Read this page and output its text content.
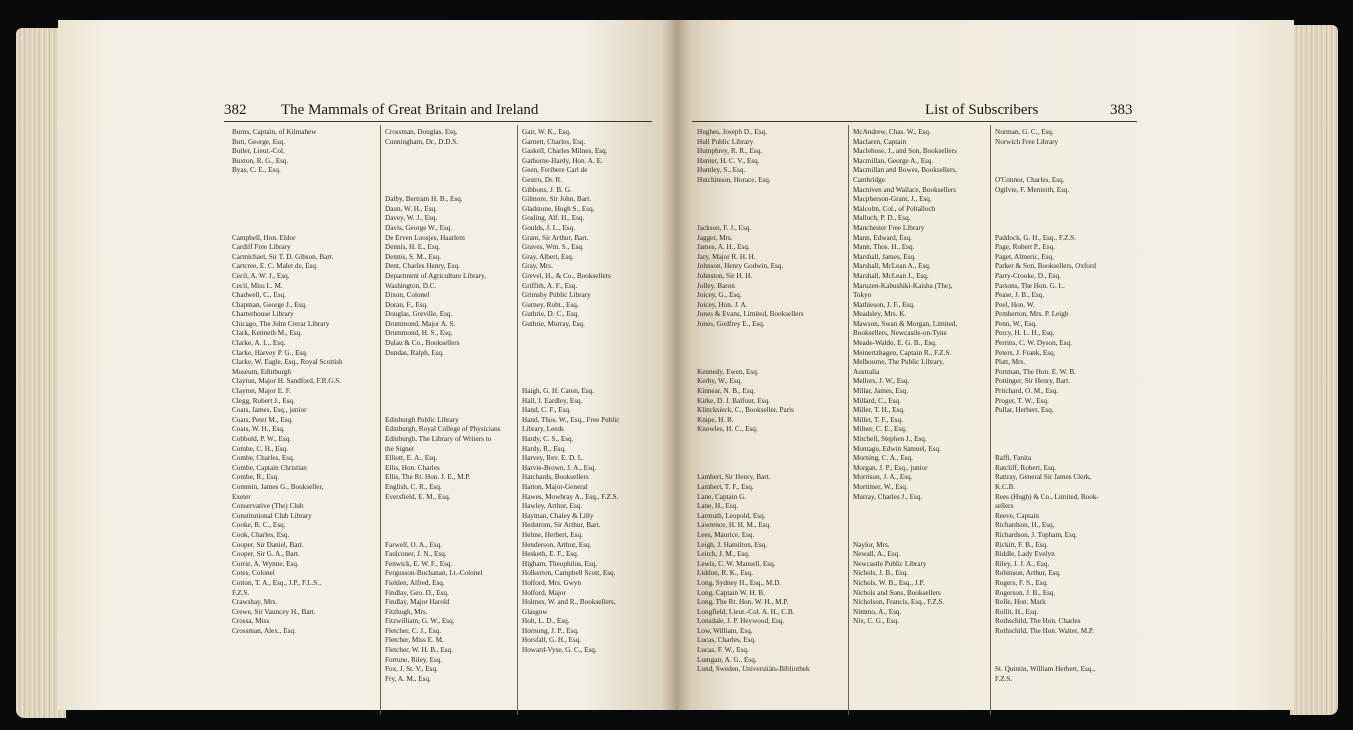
382 The Mammals of Great Britain and Ireland	List of Subscribers	383
Burns, Captain, of Kilmahew
Butt, George, Esq.
Butler, Lieut.-Col.
Buxton, R. G., Esq.
Byas, C. E., Esq.
Campbell, Hon. Eldor
Cardiff Free Library
Carmichael, Sir T. D. Gibson, Bart.
Cartcree, E. C. Malet de, Esq.
Cecil, A. W. J., Esq.
Cecil, Miss L. M.
Chadwell, C., Esq.
Chapman, George J., Esq.
Charterhouse Library
Chicago, The John Crerar Library
Clark, Kenneth M., Esq.
Clarke, A. L., Esq.
Clarke, Harvey P. G., Esq.
Clarke, W. Eagle, Esq., Royal Scottish
Museum, Edinburgh
Clayton, Major H. Sandford, F.R.G.S.
Clayton, Major E. F.
Clegg, Robert J., Esq.
Coats, James, Esq., junior
Coats, Peter M., Esq.
Coats, W. H., Esq.
Cobbold, P. W., Esq.
Combe, C. H., Esq.
Combe, Charles, Esq.
Combe, Captain Christian
Combe, R., Esq.
Commin, James G., Bookseller,
Exeter
Conservative (The) Club
Constitutional Club Library
Cooke, R. C., Esq.
Cook, Charles, Esq.
Cooper, Sir Daniel, Bart.
Cooper, Sir G. A., Bart.
Corrie, A. Wynne, Esq.
Cotes, Colonel
Cotton, T. A., Esq., J.P., F.L.S.,
F.Z.S.
Crawshay, Mrs.
Crewe, Sir Vauncey H., Bart.
Crossa, Miss
Crossman, Alex., Esq.
Crossman, Douglas, Esq.
Cunningham, Dr., D.D.S.
Dalby, Bertram H. B., Esq.
Daun, W. H., Esq.
Davey, W. J., Esq.
Davis, George W., Esq.
De Erven Loosjes, Haarlem
Dennis, H. E., Esq.
Dennis, S. M., Esq.
Dent, Charles Henry, Esq.
Department of Agriculture Library,
Washington, D.C.
Dixon, Colonel
Doran, F., Esq.
Douglas, Greville, Esq.
Drummond, Major A. S.
Drummond, H. S., Esq.
Dulau & Co., Booksellers
Dundas, Ralph, Esq.
Edinburgh Public Library
Edinburgh, Royal College of Physicians
Edinburgh, The Library of Writers to
the Signet
Elliott, E. A., Esq.
Ellis, Hon. Charles
Ellis, The Rt. Hon. J. E., M.P.
English, C. R., Esq.
Eversfield, E. M., Esq.
Farwell, O. A., Esq.
Faulconer, J. N., Esq.
Fenwick, E. W. F., Esq.
Fergusson-Buchanan, Lt.-Colonel
Fielden, Alfred, Esq.
Findlay, Geo. D., Esq.
Findlay, Major Harold
Fitzhugh, Mrs.
Fitzwilliam, G. W., Esq.
Fletcher, C. J., Esq.
Fletcher, Miss E. M.
Fletcher, W. H. B., Esq.
Fortune, Riley, Esq.
Fox, J. St. V., Esq.
Fry, A. M., Esq.
Gair, W. K., Esq.
Garnett, Charles, Esq.
Gaskell, Charles Milnes, Esq.
Gathorne-Hardy, Hon. A. E.
Geen, Feribere Carl de
Gestro, Dr. R.
Gibbons, J. B. G.
Gilmore, Sir John, Bart.
Gladstone, Hugh S., Esq.
Gosling, Alf. H., Esq.
Goulds, J. L., Esq.
Grant, Sir Arthur, Bart.
Graves, Wm. S., Esq.
Gray, Albert, Esq.
Gray, Mrs.
Grevel, H., & Co., Booksellers
Griffith, A. F., Esq.
Grimsby Public Library
Gurney, Robt., Esq.
Guthrie, D. C., Esq.
Guthrie, Murray, Esq.
Haigh, G. H. Caton, Esq.
Hall, J. Eardley, Esq.
Hand, C. F., Esq.
Hand, Thos. W., Esq., Free Public
Library, Leeds
Hardy, C. S., Esq.
Hardy, R., Esq.
Harvey, Rev. E. D. L.
Harvie-Brown, J. A., Esq.
Hatchards, Booksellers
Hatton, Major-General
Hawes, Mowbray A., Esq., F.Z.S.
Hawley, Arthur, Esq.
Hayman, Chaley & Lilly
Hedstrom, Sir Arthur, Bart.
Helme, Herbert, Esq.
Henderson, Arthur, Esq.
Hesketh, E. F., Esq.
Higham, Theophilus, Esq.
Holkerton, Campbell Scott, Esq.
Holford, Mrs. Gwyn
Holford, Major
Holmes, W. and R., Booksellers,
Glasgow
Holt, L. D., Esq.
Hornung, J. P., Esq.
Horsfall, G. H., Esq.
Howard-Vyse, G. C., Esq.
Hughes, Joseph D., Esq.
Hull Public Library
Humphrey, R. R., Esq.
Hunter, H. C. V., Esq.
Huntley, S., Esq.
Hutchinson, Horace, Esq.
Jackson, F. J., Esq.
Jagger, Mrs.
James, A. H., Esq.
Jary, Major R. H. H.
Johnson, Henry Godwin, Esq.
Johnston, Sir H. H.
Jolley, Baron
Joicey, G., Esq.
Joicey, Hon. J. A.
Jones & Evans, Limited, Booksellers
Jones, Godfrey E., Esq.
Kennedy, Ewen, Esq.
Kerby, W., Esq.
Kinnear, N. B., Esq.
Kirke, D. J. Balfour, Esq.
Klincksieck, C., Bookseller, Paris
Knipe, H. R.
Knowles, H. C., Esq.
Lambert, Sir Henry, Bart.
Lambert, T. F., Esq.
Lane, Captain G.
Lane, H., Esq.
Larmuth, Leopold, Esq.
Lawrence, H. H. M., Esq.
Lees, Maurice, Esq.
Leigh, J. Hamilton, Esq.
Leitch, J. M., Esq.
Lewis, C. W. Mansell, Esq.
Liddon, R. K., Esq.
Long, Sydney H., Esq., M.D.
Long, Captain W. H. B.
Long, The Rt. Hon. W. H., M.P.
Longfield, Lieut.-Col. A. H., C.B.
Lonsdale, J. P. Heywood, Esq.
Low, William, Esq.
Lucas, Charles, Esq.
Lucas, F. W., Esq.
Lumgair, A. G., Esq.
Lund, Sweden, Universitäts-Bibliothek
McAndrew, Chas. W., Esq.
Maclaren, Captain
Maclehose, J., and Son, Booksellers
Macmillan, George A., Esq.
Macmillan and Bowes, Booksellers,
Cambridge
Macniven and Wallace, Booksellers
Macpherson-Grant, J., Esq.
Malcolm, Col., of Poltalloch
Malloch, P. D., Esq.
Manchester Free Library
Mann, Edward, Esq.
Mann, Thos. H., Esq.
Marshall, James, Esq.
Marshall, McLean A., Esq.
Marshall, McLean J., Esq.
Maruzen-Kabushiki-Kaisha (The),
Tokyo
Mathieson, J. F., Esq.
Meadsley, Mrs. K.
Mawson, Swan & Morgan, Limited,
Booksellers, Newcastle-on-Tyne
Meade-Waldo, E. G. B., Esq.
Meinertzhagen, Captain R., F.Z.S.
Melbourne, The Public Library,
Australia
Mellors, J. W., Esq.
Millar, James, Esq.
Millard, C., Esq.
Miller, T. H., Esq.
Millet, T. F., Esq.
Milner, C. E., Esq.
Mitchell, Stephen J., Esq.
Montagu, Edwin Samuel, Esq.
Morning, C. A., Esq.
Morgan, J. P., Esq., junior
Morrison, J. A., Esq.
Mortimer, W., Esq.
Murray, Charles J., Esq.
Naylor, Mrs.
Newall, A., Esq.
Newcastle Public Library
Nichols, J. B., Esq.
Nichols, W. B., Esq., J.P.
Nichols and Sons, Booksellers
Nicholson, Francis, Esq., F.Z.S.
Nimmo, A., Esq.
Nix, C. G., Esq.
Norman, G. C., Esq.
Norwich Free Library
O'Connor, Charles, Esq.
Ogilvie, F. Menteith, Esq.
Paddock, G. H., Esq., F.Z.S.
Page, Robert P., Esq.
Paget, Almeric, Esq.
Parker & Son, Booksellers, Oxford
Parry-Crooke, D., Esq.
Parsons, The Hon. G. L.
Pease, J. B., Esq.
Peel, Hon. W.
Pemberton, Mrs. P. Leigh
Penn, W., Esq.
Percy, H. L. H., Esq.
Perrins, C. W. Dyson, Esq.
Peters, J. Frank, Esq.
Platt, Mrs.
Portman, The Hon. E. W. B.
Pottinger, Sir Henry, Bart.
Pritchard, O. M., Esq.
Proger, T. W., Esq.
Pullar, Herbert, Esq.
Raffi, Fanita
Ratcliff, Robert, Esq.
Rattray, General Sir James Clerk,
K.C.B.
Rees (Hugh) & Co., Limited, Book-
sellers
Reeve, Captain
Richardson, H., Esq.
Richardson, J. Topham, Esq.
Rickitt, F. B., Esq.
Riddle, Lady Evelyn
Riley, J. J. A., Esq.
Robinson, Arthur, Esq.
Rogers, F. S., Esq.
Rogerson, J. B., Esq.
Rolle, Hon. Mark
Rollit, H., Esq.
Rothschild, The Hon. Charles
Rothschild, The Hon. Walter, M.P.
St. Quintin, William Herbert, Esq.,
F.Z.S.
